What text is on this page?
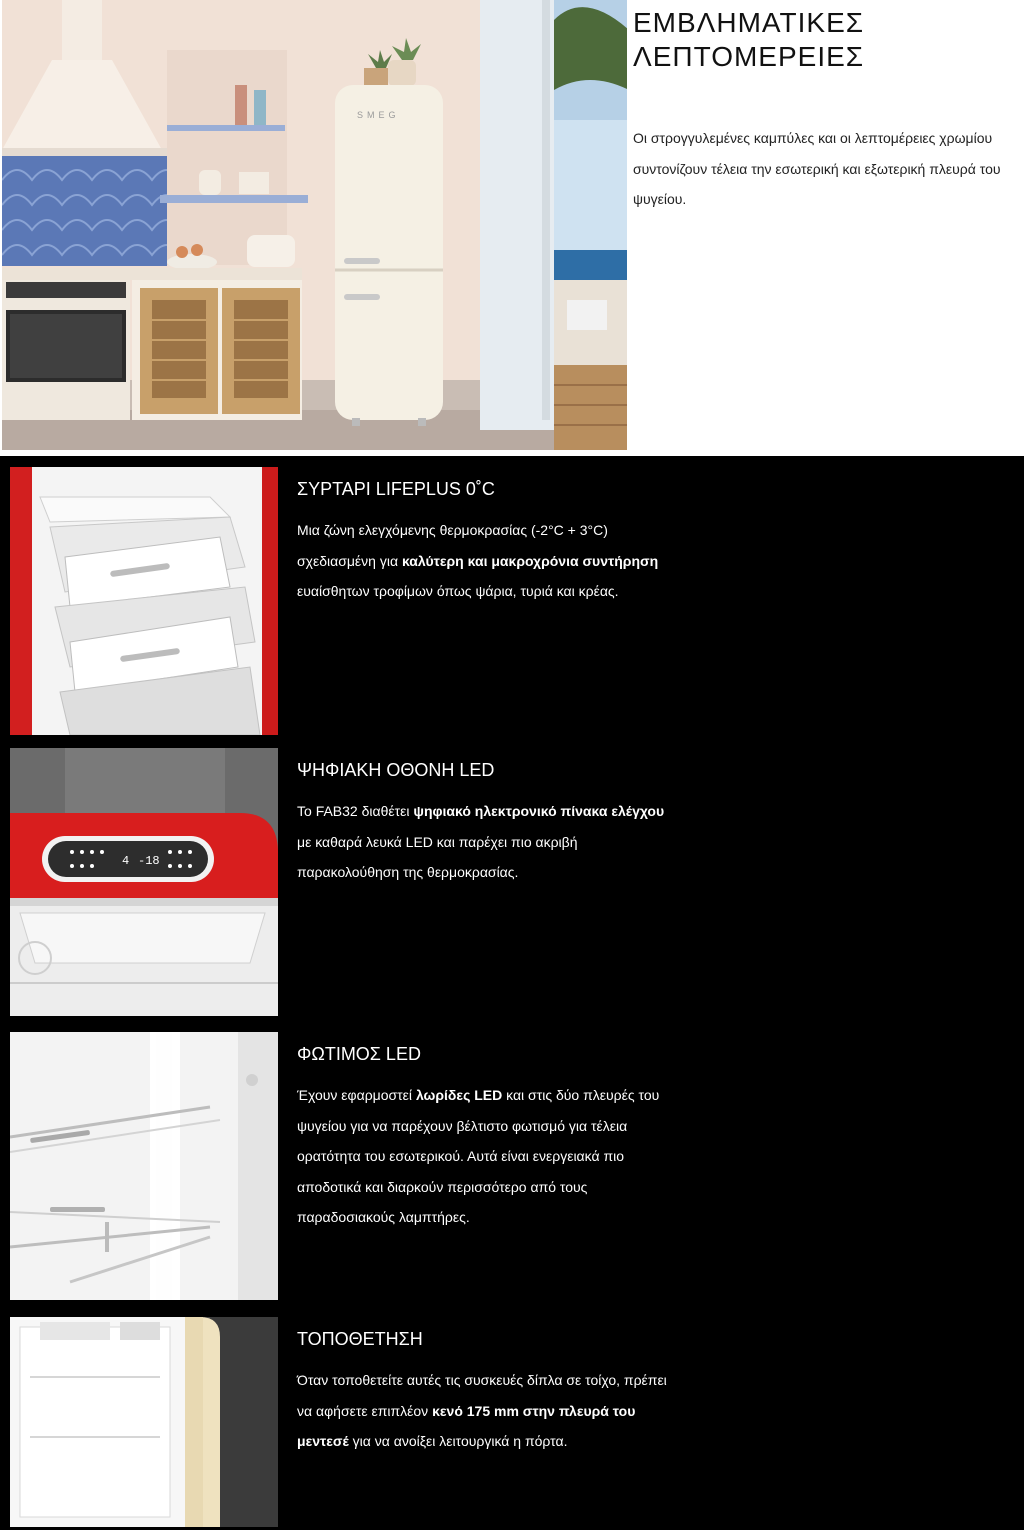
SMEG
ΕΜΒΛΗΜΑΤΙΚΕΣ
ΛΕΠΤΟΜΕΡΕΙΕΣ

Οι στρογγυλεμένες καμπύλες και οι λεπτομέρειες χρωμίου συντονίζουν τέλεια την εσωτερική και εξωτερική πλευρά του ψυγείου.

ΣΥΡΤΑΡΙ LIFEPLUS 0˚C

Μια ζώνη ελεγχόμενης θερμοκρασίας (-2°C + 3°C) σχεδιασμένη για καλύτερη και μακροχρόνια συντήρηση ευαίσθητων τροφίμων όπως ψάρια, τυριά και κρέας.

4 -18
ΨΗΦΙΑΚΗ ΟΘΟΝΗ LED

Το FAB32 διαθέτει ψηφιακό ηλεκτρονικό πίνακα ελέγχου με καθαρά λευκά LED και παρέχει πιο ακριβή παρακολούθηση της θερμοκρασίας.

ΦΩΤΙΜΟΣ LED

Έχουν εφαρμοστεί λωρίδες LED και στις δύο πλευρές του ψυγείου για να παρέχουν βέλτιστο φωτισμό για τέλεια ορατότητα του εσωτερικού. Αυτά είναι ενεργειακά πιο αποδοτικά και διαρκούν περισσότερο από τους παραδοσιακούς λαμπτήρες.

ΤΟΠΟΘΕΤΗΣΗ

Όταν τοποθετείτε αυτές τις συσκευές δίπλα σε τοίχο, πρέπει να αφήσετε επιπλέον κενό 175 mm στην πλευρά του μεντεσέ για να ανοίξει λειτουργικά η πόρτα.
